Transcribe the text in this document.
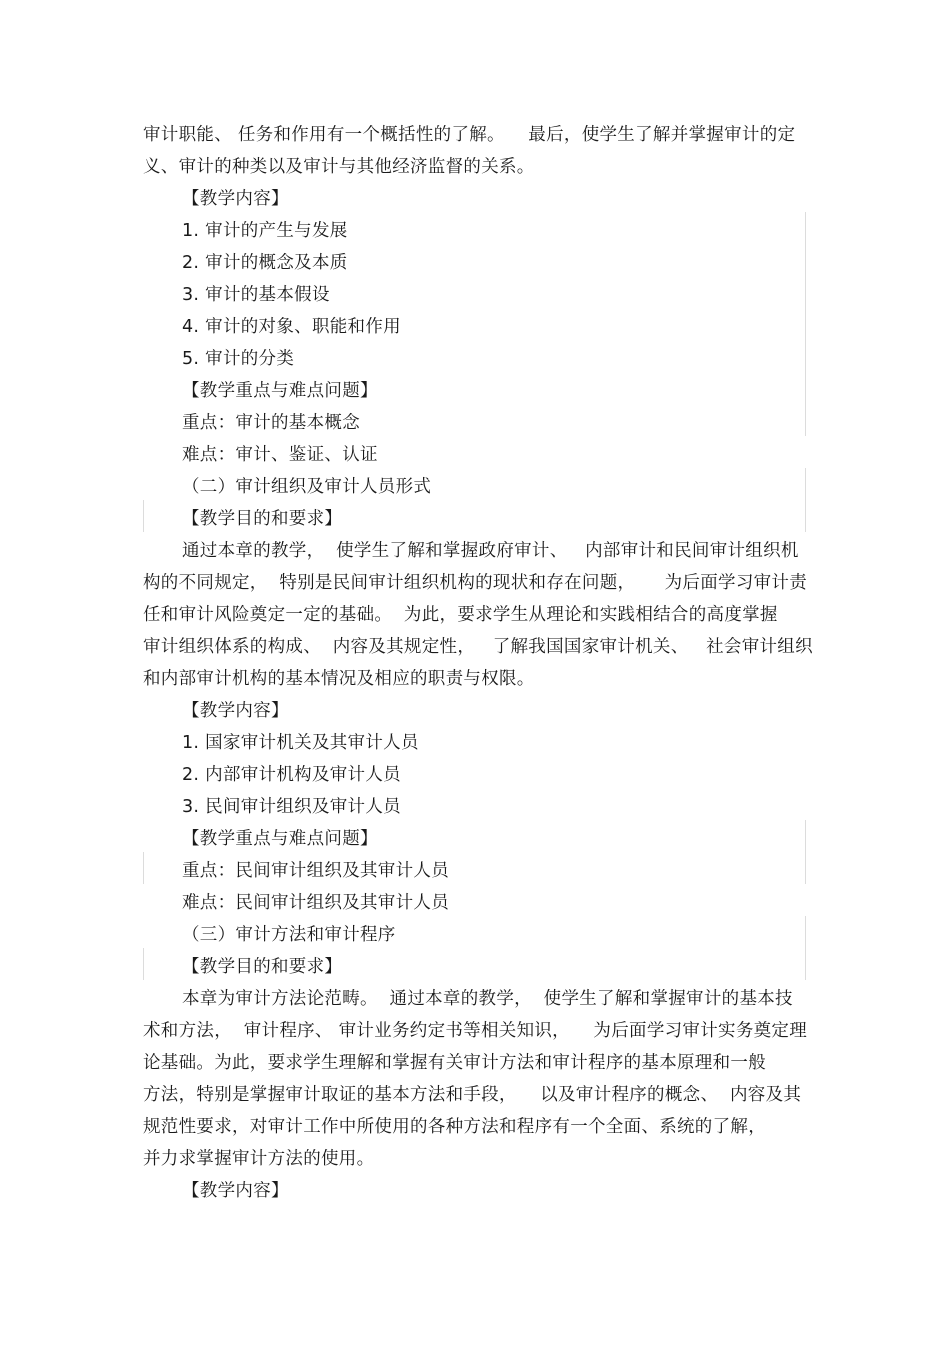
审计职能、 任务和作用有一个概括性的了解。    最后，使学生了解并掌握审计的定
义、审计的种类以及审计与其他经济监督的关系。
【教学内容】
1. 审计的产生与发展
2. 审计的概念及本质
3. 审计的基本假设
4. 审计的对象、职能和作用
5. 审计的分类
【教学重点与难点问题】
重点：审计的基本概念
难点：审计、鉴证、认证
（二）审计组织及审计人员形式
【教学目的和要求】
通过本章的教学，  使学生了解和掌握政府审计、   内部审计和民间审计组织机
构的不同规定，  特别是民间审计组织机构的现状和存在问题，     为后面学习审计责
任和审计风险奠定一定的基础。  为此，要求学生从理论和实践相结合的高度掌握
审计组织体系的构成、  内容及其规定性，   了解我国国家审计机关、   社会审计组织
和内部审计机构的基本情况及相应的职责与权限。
【教学内容】
1. 国家审计机关及其审计人员
2. 内部审计机构及审计人员
3. 民间审计组织及审计人员
【教学重点与难点问题】
重点：民间审计组织及其审计人员
难点：民间审计组织及其审计人员
（三）审计方法和审计程序
【教学目的和要求】
本章为审计方法论范畴。  通过本章的教学，  使学生了解和掌握审计的基本技
术和方法，  审计程序、 审计业务约定书等相关知识，    为后面学习审计实务奠定理
论基础。为此，要求学生理解和掌握有关审计方法和审计程序的基本原理和一般
方法，特别是掌握审计取证的基本方法和手段，    以及审计程序的概念、  内容及其
规范性要求，对审计工作中所使用的各种方法和程序有一个全面、系统的了解，
并力求掌握审计方法的使用。
【教学内容】
